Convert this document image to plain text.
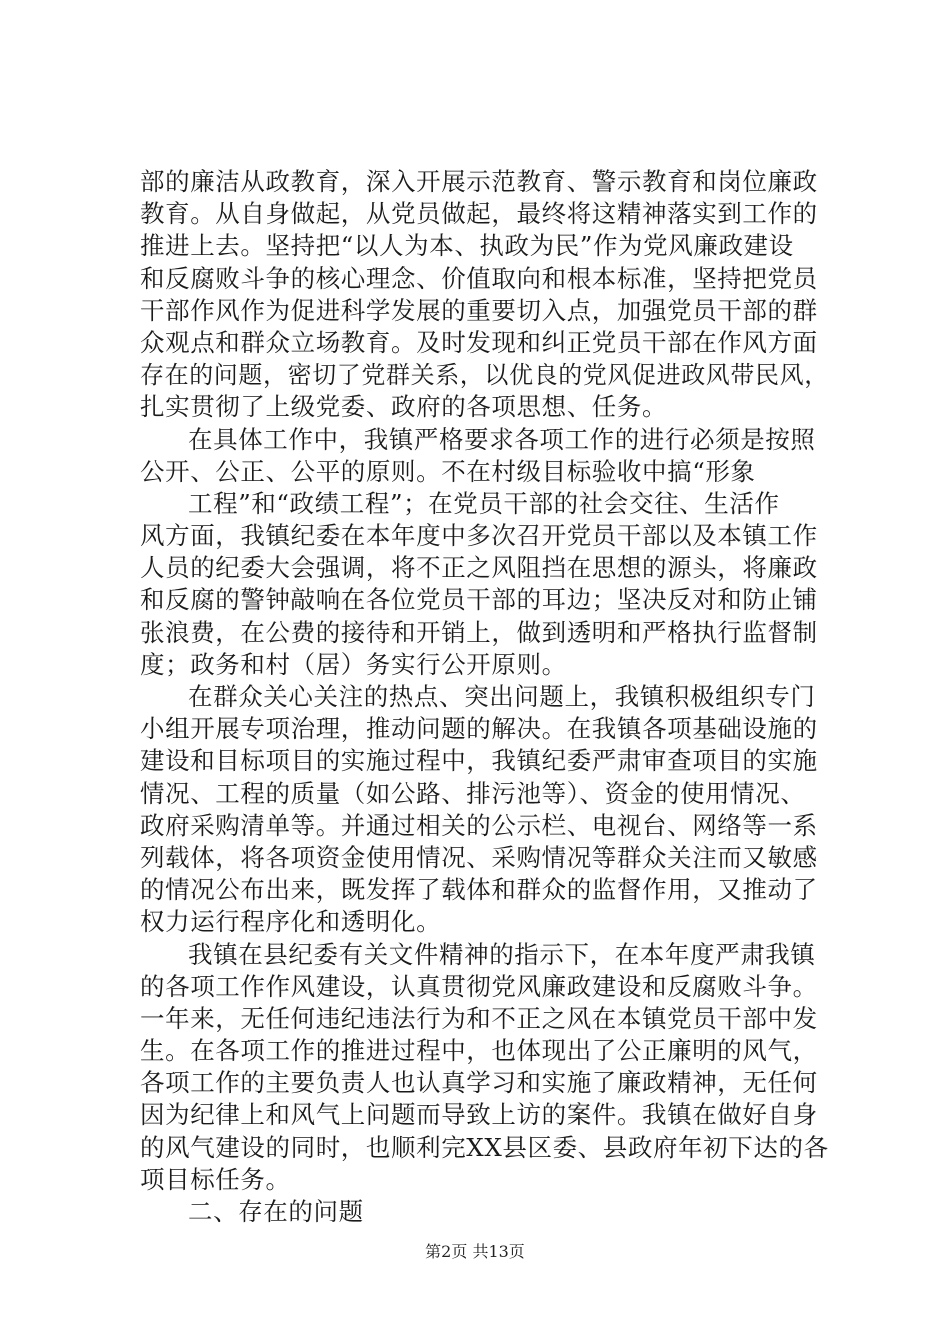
部的廉洁从政教育，深入开展示范教育、警示教育和岗位廉政
教育。从自身做起，从党员做起，最终将这精神落实到工作的
推进上去。坚持把“以人为本、执政为民”作为党风廉政建设
和反腐败斗争的核心理念、价值取向和根本标准，坚持把党员
干部作风作为促进科学发展的重要切入点，加强党员干部的群
众观点和群众立场教育。及时发现和纠正党员干部在作风方面
存在的问题，密切了党群关系，以优良的党风促进政风带民风，
扎实贯彻了上级党委、政府的各项思想、任务。
在具体工作中，我镇严格要求各项工作的进行必须是按照
公开、公正、公平的原则。不在村级目标验收中搞“形象
工程”和“政绩工程”；在党员干部的社会交往、生活作
风方面，我镇纪委在本年度中多次召开党员干部以及本镇工作
人员的纪委大会强调，将不正之风阻挡在思想的源头，将廉政
和反腐的警钟敲响在各位党员干部的耳边；坚决反对和防止铺
张浪费，在公费的接待和开销上，做到透明和严格执行监督制
度；政务和村（居）务实行公开原则。
在群众关心关注的热点、突出问题上，我镇积极组织专门
小组开展专项治理，推动问题的解决。在我镇各项基础设施的
建设和目标项目的实施过程中，我镇纪委严肃审查项目的实施
情况、工程的质量（如公路、排污池等）、资金的使用情况、
政府采购清单等。并通过相关的公示栏、电视台、网络等一系
列载体，将各项资金使用情况、采购情况等群众关注而又敏感
的情况公布出来，既发挥了载体和群众的监督作用，又推动了
权力运行程序化和透明化。
我镇在县纪委有关文件精神的指示下，在本年度严肃我镇
的各项工作作风建设，认真贯彻党风廉政建设和反腐败斗争。
一年来，无任何违纪违法行为和不正之风在本镇党员干部中发
生。在各项工作的推进过程中，也体现出了公正廉明的风气，
各项工作的主要负责人也认真学习和实施了廉政精神，无任何
因为纪律上和风气上问题而导致上访的案件。我镇在做好自身
的风气建设的同时，也顺利完XX县区委、县政府年初下达的各
项目标任务。
二、存在的问题
第2页 共13页
